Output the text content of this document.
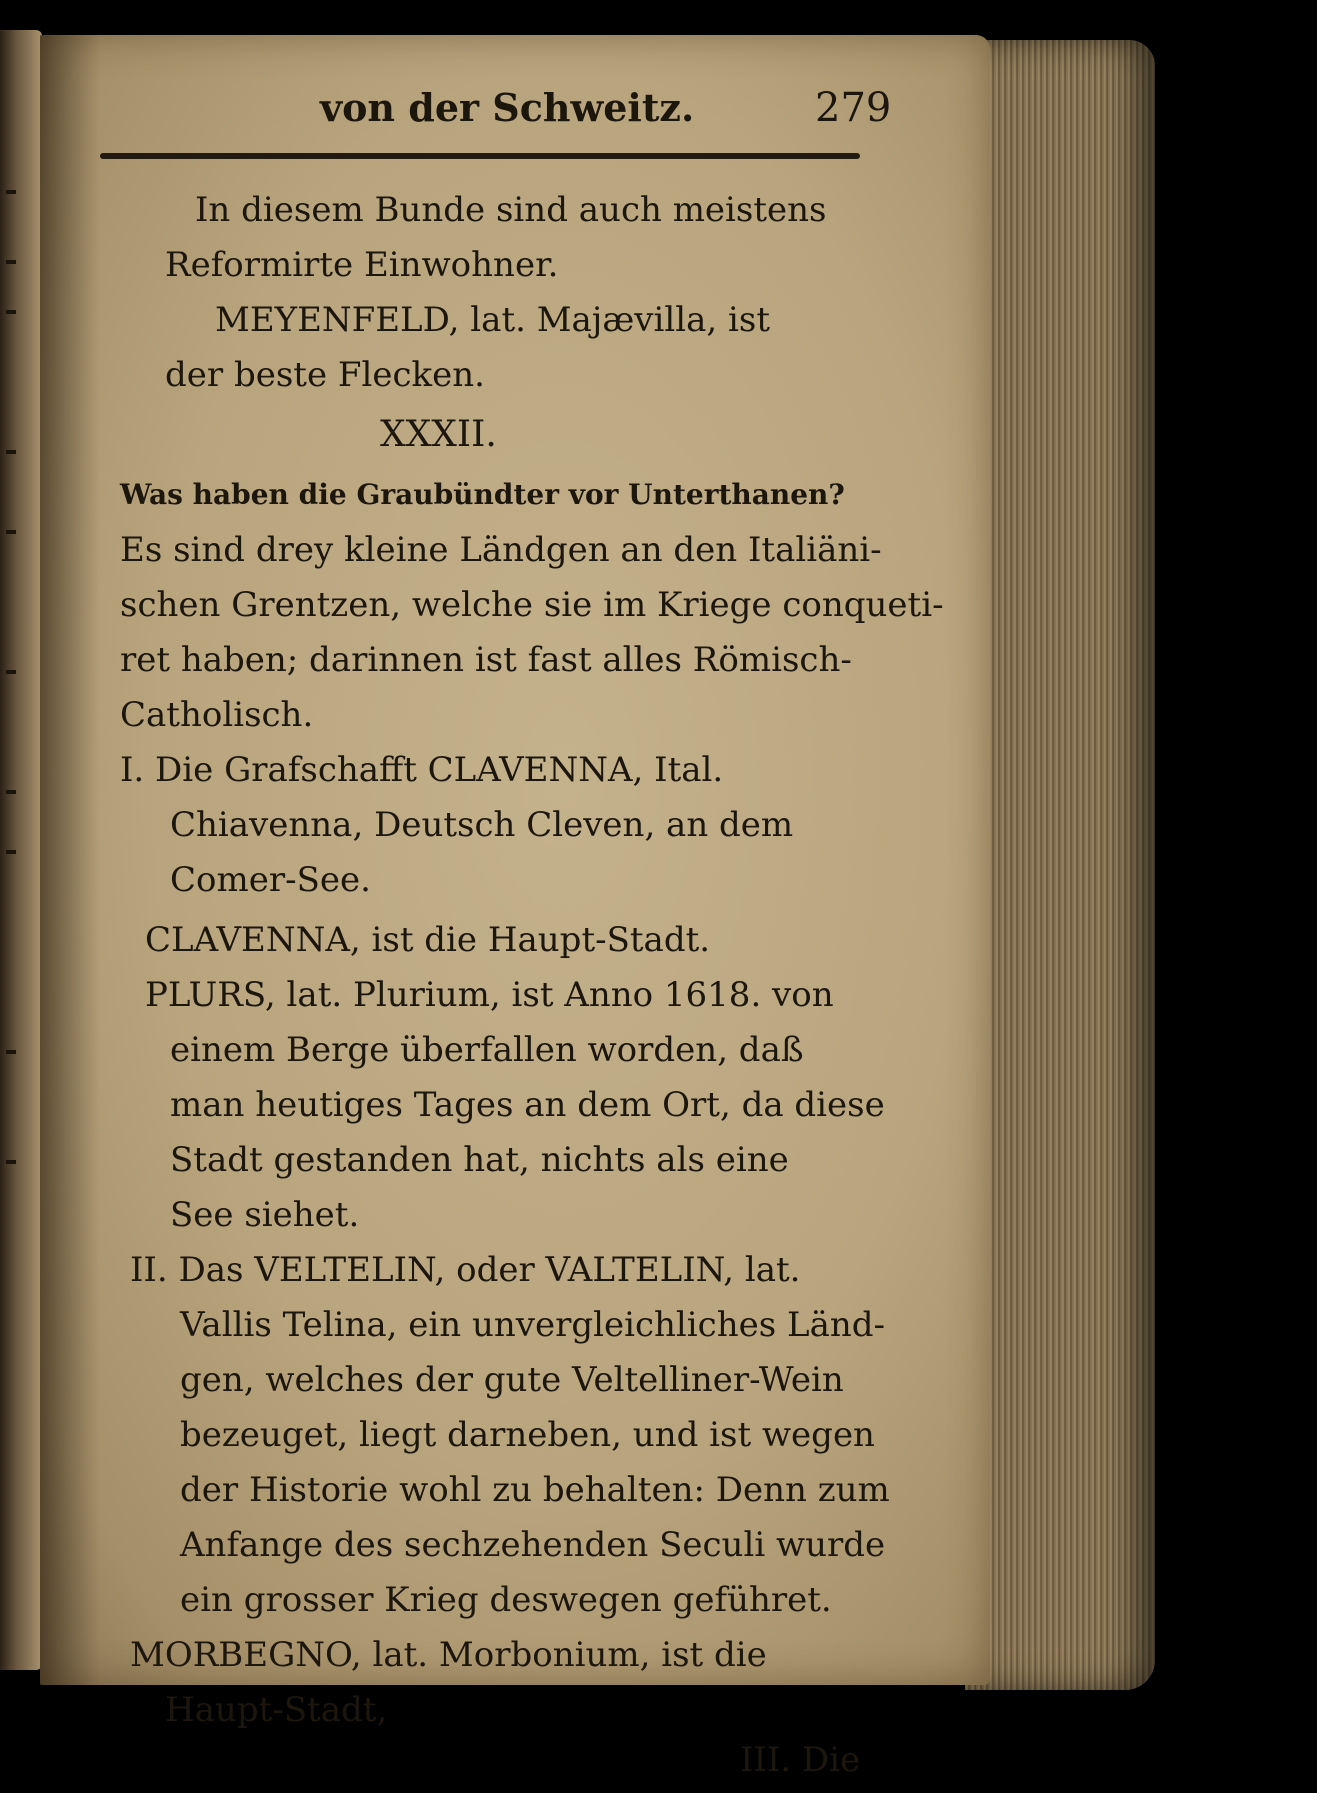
von der Schweitz.	279
In diesem Bunde sind auch meistens
Reformirte Einwohner.
MEYENFELD, lat. Majævilla, ist
der beste Flecken.
XXXII.
Was haben die Graubündter vor Unterthanen?
Es sind drey kleine Ländgen an den Italiäni-
schen Grentzen, welche sie im Kriege conqueti-
ret haben; darinnen ist fast alles Römisch-
Catholisch.
I. Die Grafschafft CLAVENNA, Ital.
Chiavenna, Deutsch Cleven, an dem
Comer-See.
CLAVENNA, ist die Haupt-Stadt.
PLURS, lat. Plurium, ist Anno 1618. von
einem Berge überfallen worden, daß
man heutiges Tages an dem Ort, da diese
Stadt gestanden hat, nichts als eine
See siehet.
II. Das VELTELIN, oder VALTELIN, lat.
Vallis Telina, ein unvergleichliches Länd-
gen, welches der gute Veltelliner-Wein
bezeuget, liegt darneben, und ist wegen
der Historie wohl zu behalten: Denn zum
Anfange des sechzehenden Seculi wurde
ein grosser Krieg deswegen geführet.
MORBEGNO, lat. Morbonium, ist die
Haupt-Stadt,
III. Die
